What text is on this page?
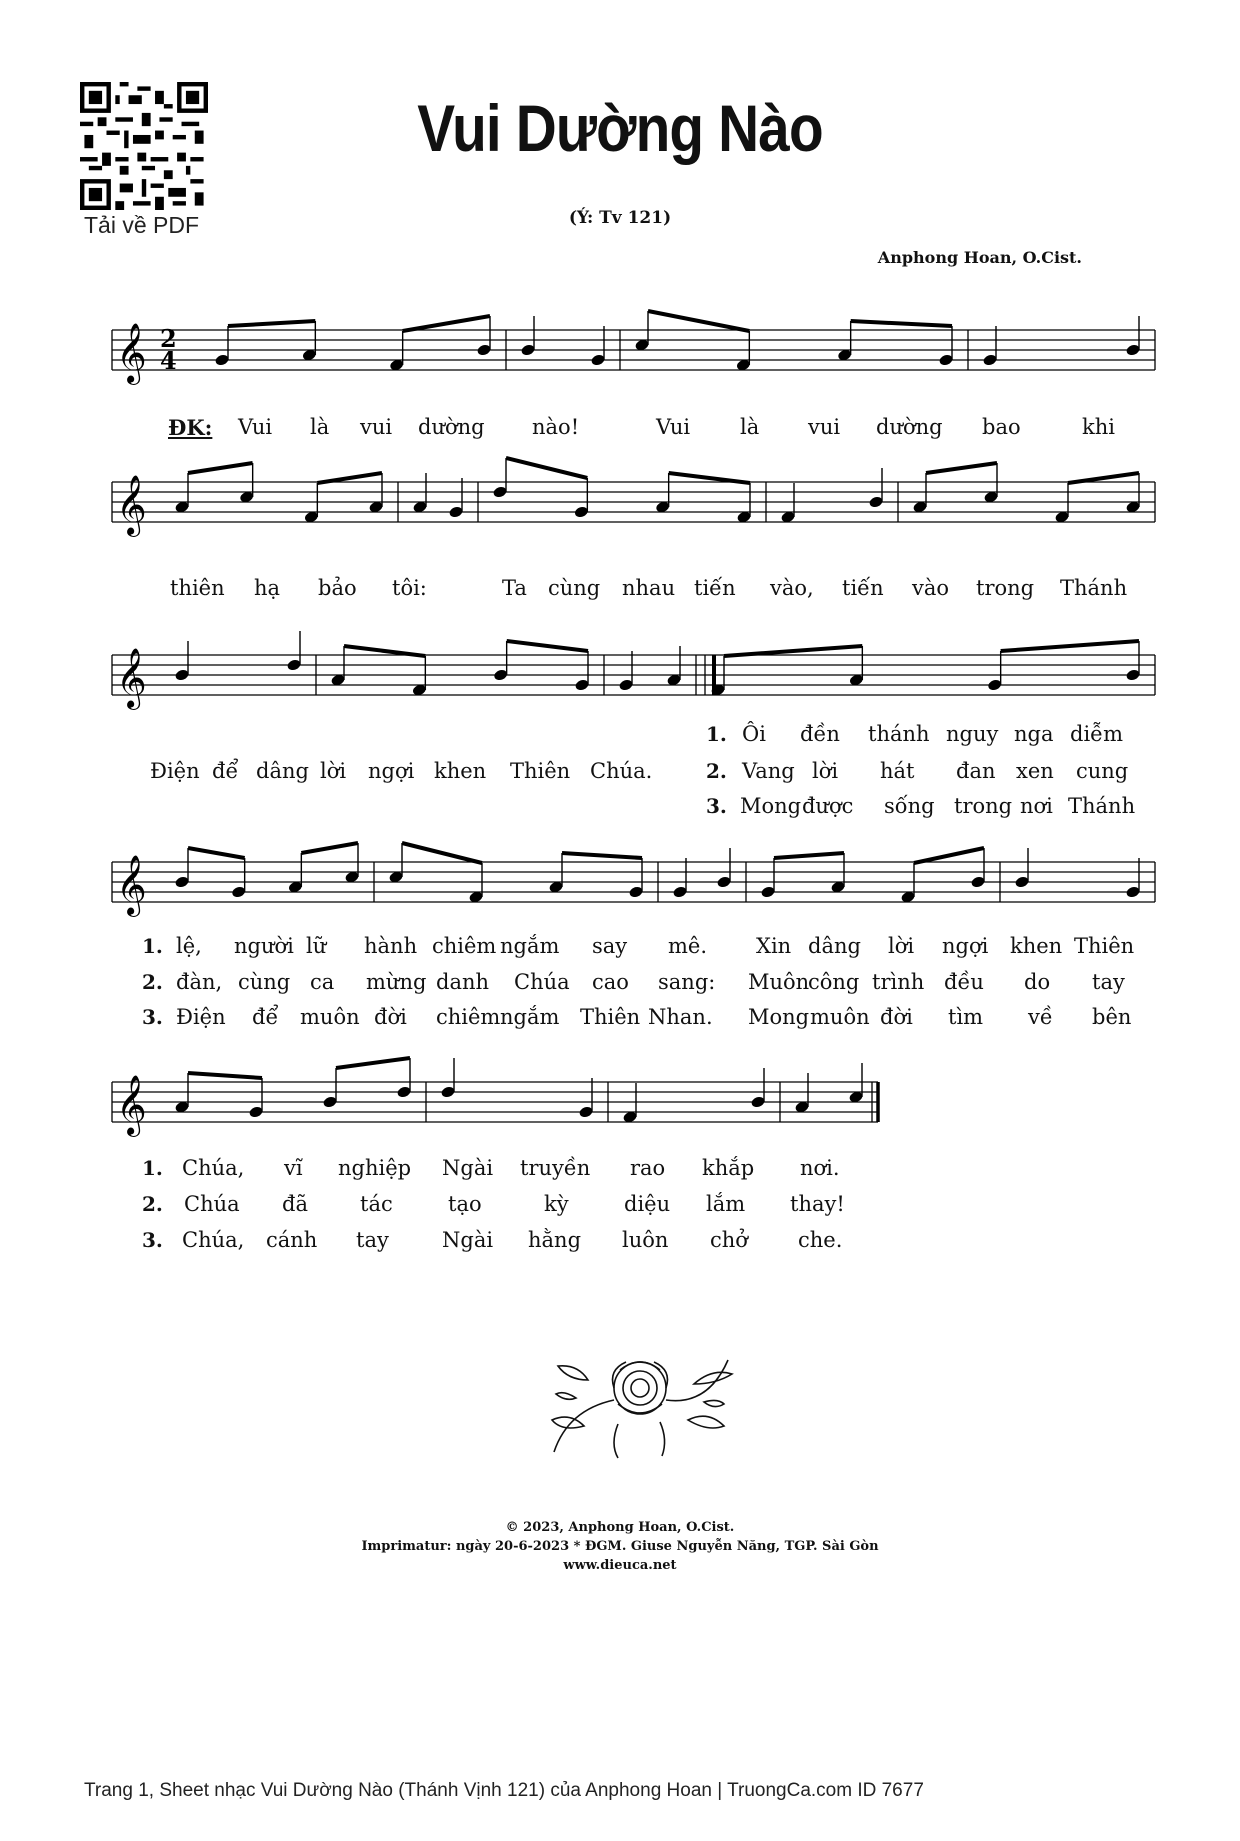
Tải về PDF
Vui Dường Nào
(Ý: Tv 121)
Anphong Hoan, O.Cist.
𝄞
𝄞
𝄞
𝄞
𝄞
2
4
ĐK: Vui là vui dường nào!	Vui là vui dường bao	khi
thiên hạ bảo tôi:	Ta cùng nhau tiến vào, tiến vào trong Thánh
Điện để dâng lời ngợi khen Thiên Chúa.
1. Ôi đền thánh nguy nga diễm
2. Vang lời hát đan xen cung
3. Mong được sống trong nơi Thánh
1. lệ, người lữ hành chiêm ngắm say mê. Xin dâng lời ngợi khen Thiên
2. đàn, cùng ca mừng danh Chúa cao sang: Muôn
công trình đều do tay
3. Điện để muôn đời chiêm ngắm Thiên Nhan. Mong muôn đời tìm về bên
1. Chúa, vĩ nghiệp Ngài truyền rao khắp nơi.
2. Chúa đã tác	tạo	kỳ	diệu lắm thay!
3. Chúa, cánh tay	Ngài hằng luôn chở che.
© 2023, Anphong Hoan, O.Cist.
Imprimatur: ngày 20-6-2023 * ĐGM. Giuse Nguyễn Năng, TGP. Sài Gòn
www.dieuca.net
Trang 1, Sheet nhạc Vui Dường Nào (Thánh Vịnh 121) của Anphong Hoan | TruongCa.com ID 7677
